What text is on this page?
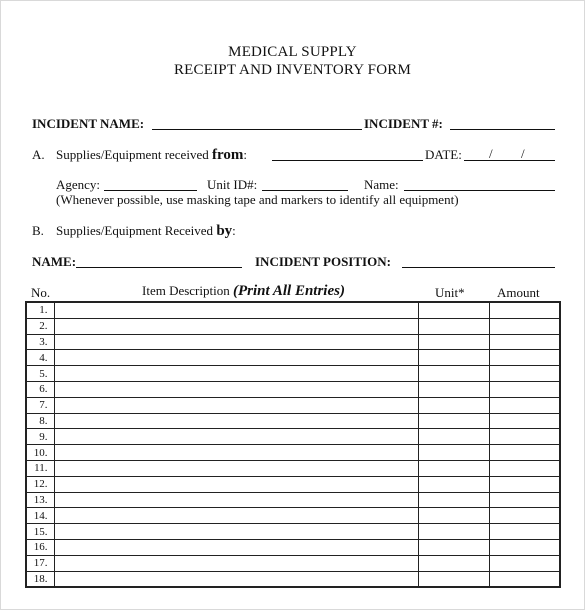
MEDICAL SUPPLY
RECEIPT AND INVENTORY FORM
INCIDENT NAME:	INCIDENT #:
A. Supplies/Equipment received from:	DATE: / /
Agency:	Unit ID#:	Name:
(Whenever possible, use masking tape and markers to identify all equipment)
B. Supplies/Equipment Received by:
NAME:	INCIDENT POSITION:
No.	Item Description (Print All Entries)	Unit* Amount
1.			
2.			
3.			
4.			
5.			
6.			
7.			
8.			
9.			
10.			
11.			
12.			
13.			
14.			
15.			
16.			
17.			
18.			
